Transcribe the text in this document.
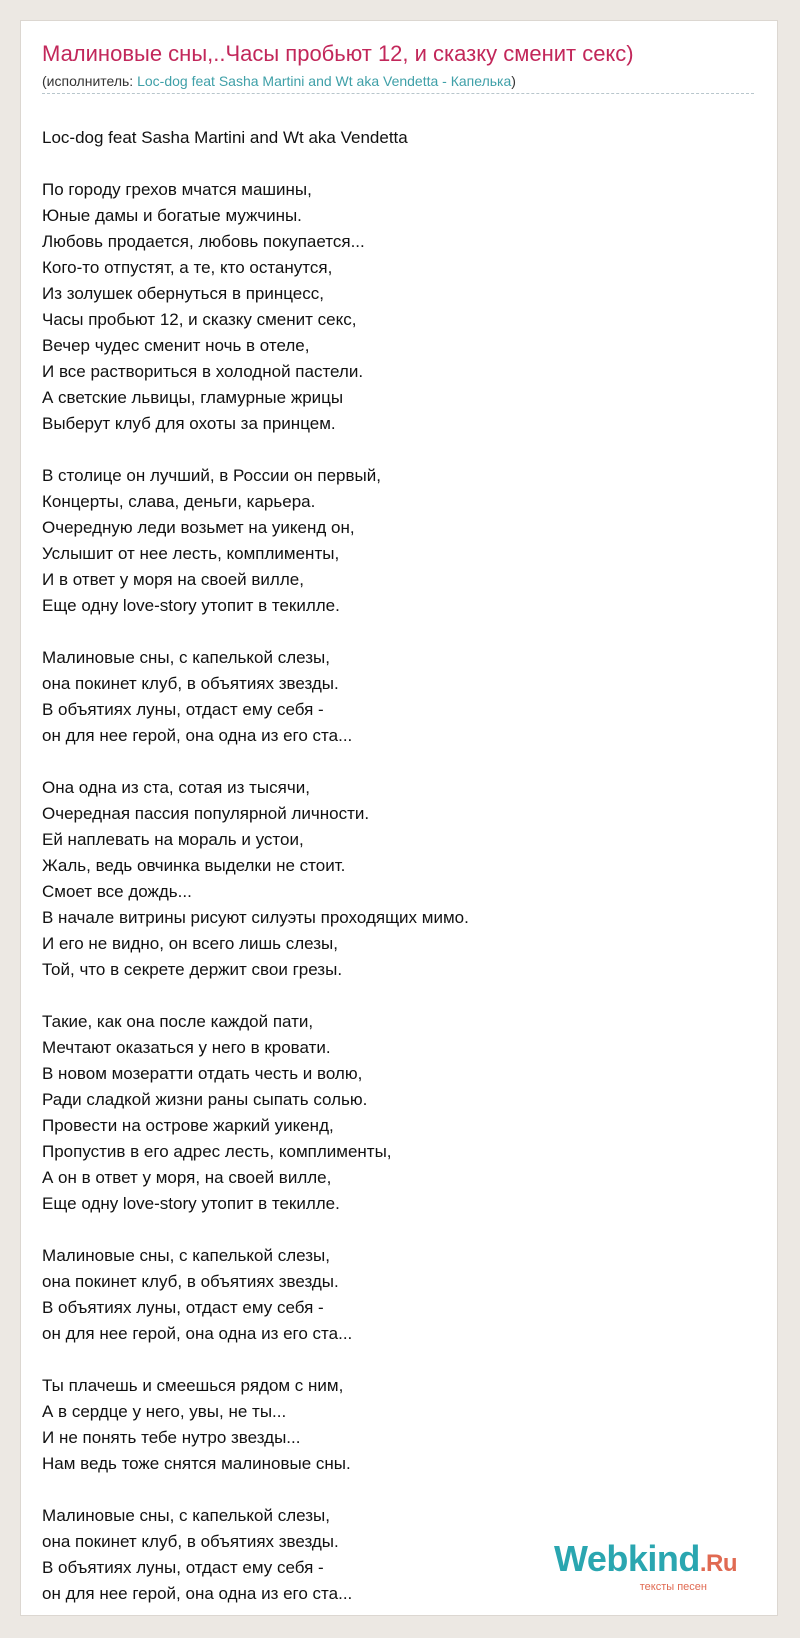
Малиновые сны,..Часы пробьют 12, и сказку сменит секс)
(исполнитель: Loc-dog feat Sasha Martini and Wt aka Vendetta - Капелька)
Loc-dog feat Sasha Martini and Wt aka Vendetta
По городу грехов мчатся машины,
Юные дамы и богатые мужчины.
Любовь продается, любовь покупается...
Кого-то отпустят, а те, кто останутся,
Из золушек обернуться в принцесс,
Часы пробьют 12, и сказку сменит секс,
Вечер чудес сменит ночь в отеле,
И все раствориться в холодной пастели.
А светские львицы, гламурные жрицы
Выберут клуб для охоты за принцем.
В столице он лучший, в России он первый,
Концерты, слава, деньги, карьера.
Очередную леди возьмет на уикенд он,
Услышит от нее лесть, комплименты,
И в ответ у моря на своей вилле,
Еще одну love-story утопит в текилле.
Малиновые сны, с капелькой слезы,
она покинет клуб, в объятиях звезды.
В объятиях луны, отдаст ему себя -
он для нее герой, она одна из его ста...
Она одна из ста, сотая из тысячи,
Очередная пассия популярной личности.
Ей наплевать на мораль и устои,
Жаль, ведь овчинка выделки не стоит.
Смоет все дождь...
В начале витрины рисуют силуэты проходящих мимо.
И его не видно, он всего лишь слезы,
Той, что в секрете держит свои грезы.
Такие, как она после каждой пати,
Мечтают оказаться у него в кровати.
В новом мозератти отдать честь и волю,
Ради сладкой жизни раны сыпать солью.
Провести на острове жаркий уикенд,
Пропустив в его адрес лесть, комплименты,
А он в ответ у моря, на своей вилле,
Еще одну love-story утопит в текилле.
Малиновые сны, с капелькой слезы,
она покинет клуб, в объятиях звезды.
В объятиях луны, отдаст ему себя -
он для нее герой, она одна из его ста...
Ты плачешь и смеешься рядом с ним,
А в сердце у него, увы, не ты...
И не понять тебе нутро звезды...
Нам ведь тоже снятся малиновые сны.
Малиновые сны, с капелькой слезы,
она покинет клуб, в объятиях звезды.
В объятиях луны, отдаст ему себя -
он для нее герой, она одна из его ста...
Webkind.Ru
тексты песен
